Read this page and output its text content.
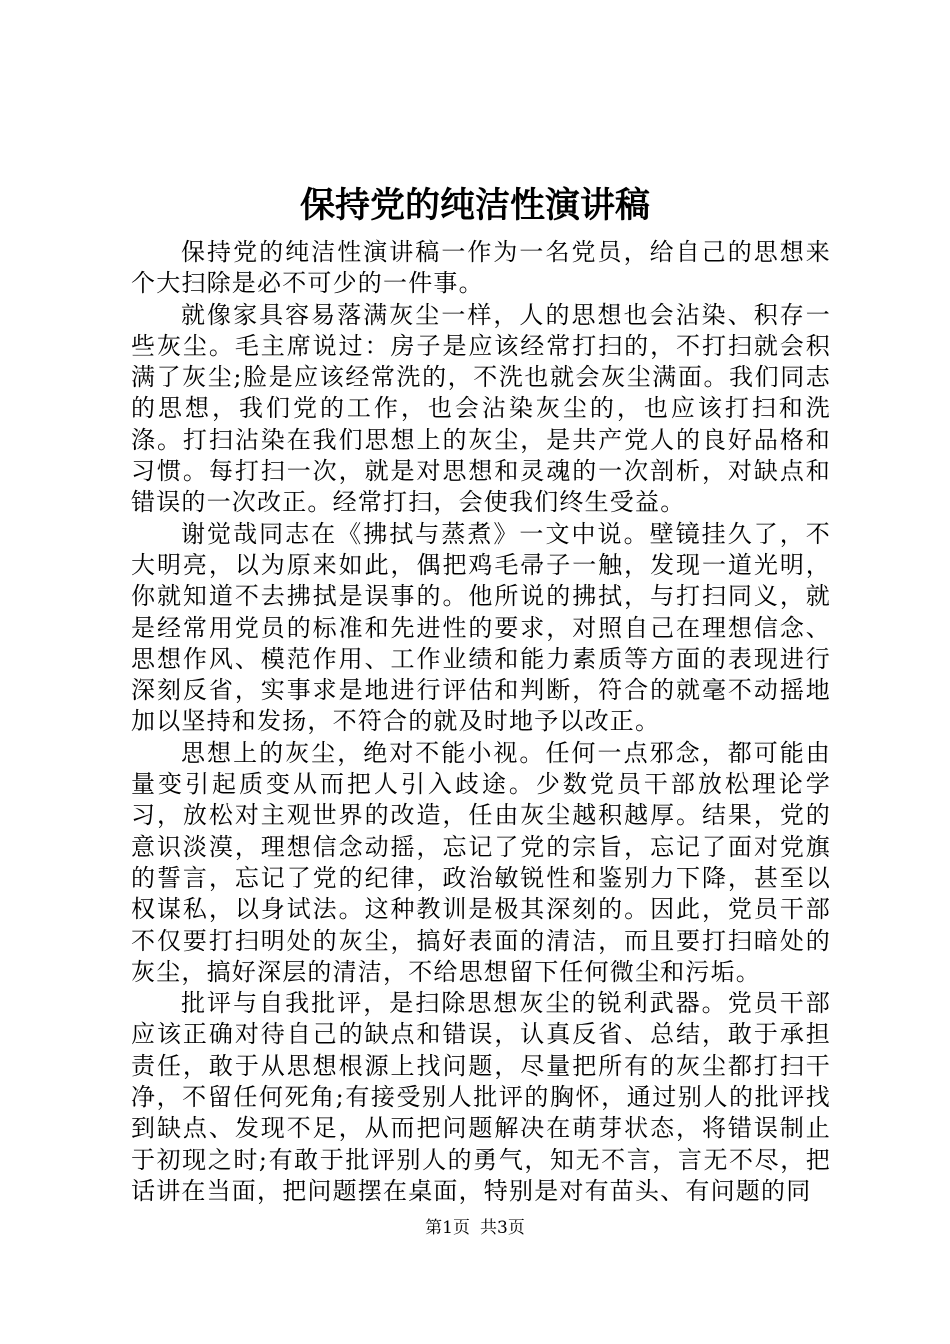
保持党的纯洁性演讲稿

保持党的纯洁性演讲稿一作为一名党员，给自己的思想来个大扫除是必不可少的一件事。

就像家具容易落满灰尘一样，人的思想也会沾染、积存一些灰尘。毛主席说过：房子是应该经常打扫的，不打扫就会积满了灰尘;脸是应该经常洗的，不洗也就会灰尘满面。我们同志的思想，我们党的工作，也会沾染灰尘的，也应该打扫和洗涤。打扫沾染在我们思想上的灰尘，是共产党人的良好品格和习惯。每打扫一次，就是对思想和灵魂的一次剖析，对缺点和错误的一次改正。经常打扫，会使我们终生受益。

谢觉哉同志在《拂拭与蒸煮》一文中说。壁镜挂久了，不大明亮，以为原来如此，偶把鸡毛帚子一触，发现一道光明，你就知道不去拂拭是误事的。他所说的拂拭，与打扫同义，就是经常用党员的标准和先进性的要求，对照自己在理想信念、思想作风、模范作用、工作业绩和能力素质等方面的表现进行深刻反省，实事求是地进行评估和判断，符合的就毫不动摇地加以坚持和发扬，不符合的就及时地予以改正。

思想上的灰尘，绝对不能小视。任何一点邪念，都可能由量变引起质变从而把人引入歧途。少数党员干部放松理论学习，放松对主观世界的改造，任由灰尘越积越厚。结果，党的意识淡漠，理想信念动摇，忘记了党的宗旨，忘记了面对党旗的誓言，忘记了党的纪律，政治敏锐性和鉴别力下降，甚至以权谋私，以身试法。这种教训是极其深刻的。因此，党员干部不仅要打扫明处的灰尘，搞好表面的清洁，而且要打扫暗处的灰尘，搞好深层的清洁，不给思想留下任何微尘和污垢。

批评与自我批评，是扫除思想灰尘的锐利武器。党员干部应该正确对待自己的缺点和错误，认真反省、总结，敢于承担责任，敢于从思想根源上找问题，尽量把所有的灰尘都打扫干净，不留任何死角;有接受别人批评的胸怀，通过别人的批评找到缺点、发现不足，从而把问题解决在萌芽状态，将错误制止于初现之时;有敢于批评别人的勇气，知无不言，言无不尽，把话讲在当面，把问题摆在桌面，特别是对有苗头、有问题的同

第1页 共3页
